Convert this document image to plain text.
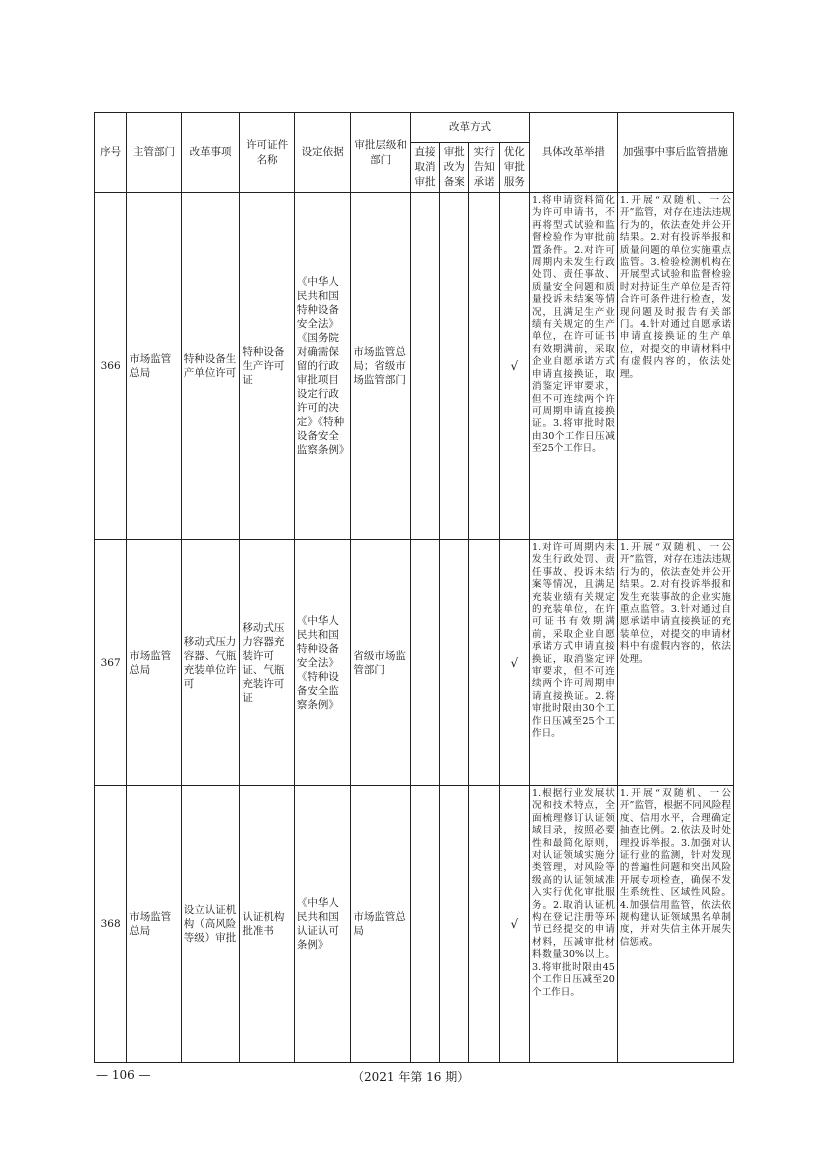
序号	主管部门	改革事项	许可证件名称	设定依据	审批层级和部门	改革方式				具体改革举措	加强事中事后监管措施
						直接取消审批	审批改为备案	实行告知承诺	优化审批服务		
366	市场监管总局	特种设备生产单位许可	特种设备生产许可证	《中华人民共和国特种设备安全法》《国务院对确需保留的行政审批项目设定行政许可的决定》《特种设备安全监察条例》	市场监管总局；省级市场监管部门				√	1.将申请资料简化为许可申请书，不再将型式试验和监督检验作为审批前置条件。2.对许可周期内未发生行政处罚、责任事故、质量安全问题和质量投诉未结案等情况，且满足生产业绩有关规定的生产单位，在许可证书有效期满前，采取企业自愿承诺方式申请直接换证，取消鉴定评审要求，但不可连续两个许可周期申请直接换证。3.将审批时限由30个工作日压减至25个工作日。	1.开展“双随机、一公开”监管，对存在违法违规行为的，依法查处并公开结果。2.对有投诉举报和质量问题的单位实施重点监管。3.检验检测机构在开展型式试验和监督检验时对持证生产单位是否符合许可条件进行检查，发现问题及时报告有关部门。4.针对通过自愿承诺申请直接换证的生产单位，对提交的申请材料中有虚假内容的，依法处理。
367	市场监管总局	移动式压力容器、气瓶充装单位许可	移动式压力容器充装许可证、气瓶充装许可证	《中华人民共和国特种设备安全法》《特种设备安全监察条例》	省级市场监管部门				√	1.对许可周期内未发生行政处罚、责任事故、投诉未结案等情况，且满足充装业绩有关规定的充装单位，在许可证书有效期满前，采取企业自愿承诺方式申请直接换证，取消鉴定评审要求，但不可连续两个许可周期申请直接换证。2.将审批时限由30个工作日压减至25个工作日。	1.开展“双随机、一公开”监管，对存在违法违规行为的，依法查处并公开结果。2.对有投诉举报和发生充装事故的企业实施重点监管。3.针对通过自愿承诺申请直接换证的充装单位，对提交的申请材料中有虚假内容的，依法处理。
368	市场监管总局	设立认证机构（高风险等级）审批	认证机构批准书	《中华人民共和国认证认可条例》	市场监管总局				√	1.根据行业发展状况和技术特点，全面梳理修订认证领域目录，按照必要性和最简化原则，对认证领域实施分类管理，对风险等级高的认证领域准入实行优化审批服务。2.取消认证机构在登记注册等环节已经提交的申请材料，压减审批材料数量30%以上。3.将审批时限由45个工作日压减至20个工作日。	1.开展“双随机、一公开”监管，根据不同风险程度、信用水平，合理确定抽查比例。2.依法及时处理投诉举报。3.加强对认证行业的监测，针对发现的普遍性问题和突出风险开展专项检查，确保不发生系统性、区域性风险。4.加强信用监管，依法依规构建认证领域黑名单制度，并对失信主体开展失信惩戒。
— 106 —	（2021 年第 16 期）
